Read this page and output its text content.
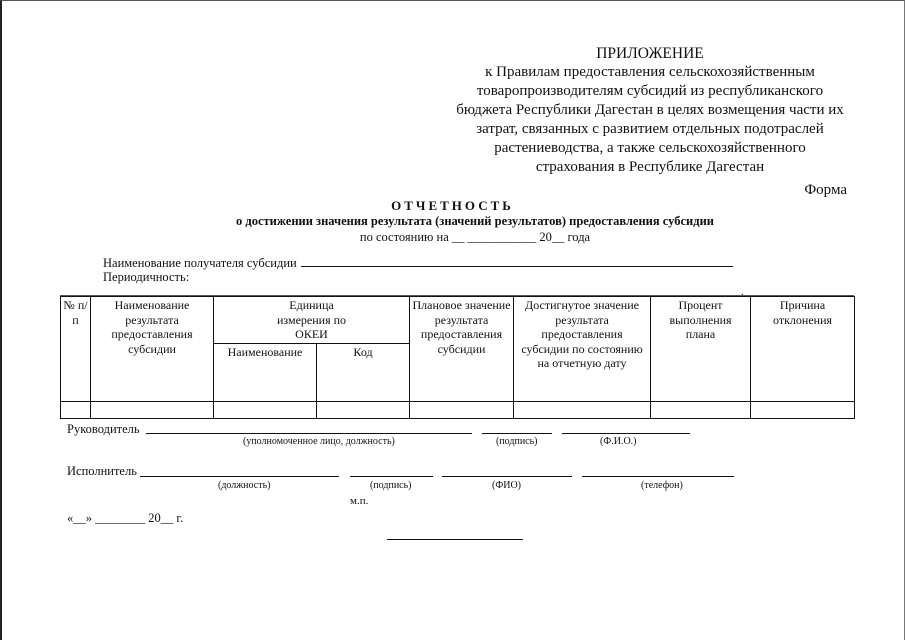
ПРИЛОЖЕНИЕ
к Правилам предоставления сельскохозяйственным
товаропроизводителям субсидий из республиканского
бюджета Республики Дагестан в целях возмещения части их
затрат, связанных с развитием отдельных подотраслей
растениеводства, а также сельскохозяйственного
страхования в Республике Дагестан
Форма
ОТЧЕТНОСТЬ
о достижении значения результата (значений результатов) предоставления субсидии
по состоянию на __ ___________ 20__ года
Наименование получателя субсидии
Периодичность:
.
№ п/п	Наименование результата предоставления субсидии	Единица измерения по ОКЕИ		Плановое значение результата предоставления субсидии	Достигнутое значение результата предоставления субсидии по состоянию на отчетную дату	Процент выполнения плана	Причина отклонения
		Наименование	Код				

Руководитель
(уполномоченное лицо, должность)	(подпись)	(Ф.И.О.)
Исполнитель
(должность)	(подпись)	(ФИО)	(телефон)
м.п.
«__» ________ 20__ г.
